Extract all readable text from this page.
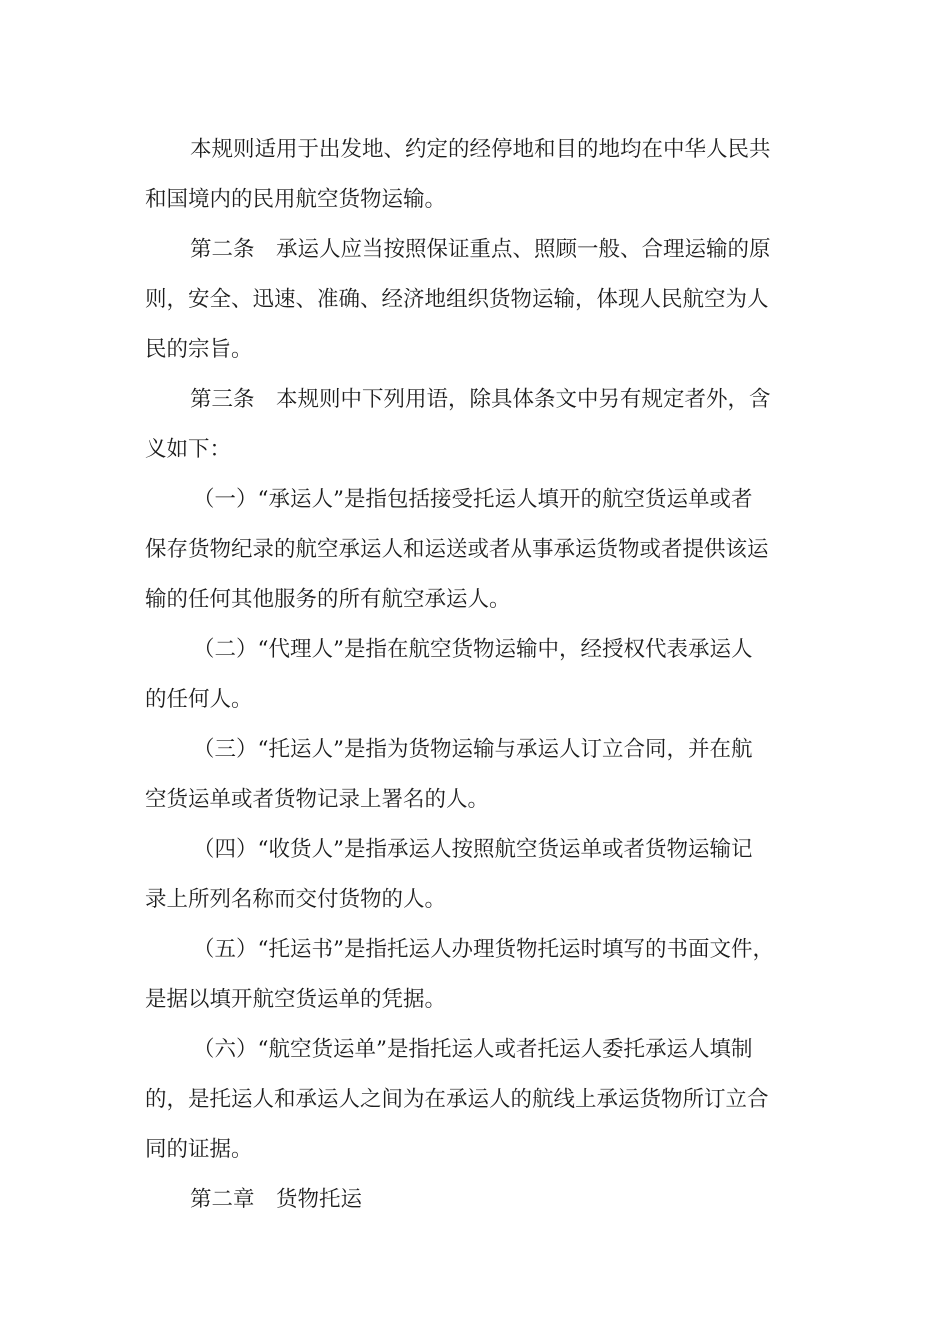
本规则适用于出发地、约定的经停地和目的地均在中华人民共
和国境内的民用航空货物运输。
第二条　承运人应当按照保证重点、照顾一般、合理运输的原
则，安全、迅速、准确、经济地组织货物运输，体现人民航空为人
民的宗旨。
第三条　本规则中下列用语，除具体条文中另有规定者外，含
义如下：
（一）“承运人”是指包括接受托运人填开的航空货运单或者
保存货物纪录的航空承运人和运送或者从事承运货物或者提供该运
输的任何其他服务的所有航空承运人。
（二）“代理人”是指在航空货物运输中，经授权代表承运人
的任何人。
（三）“托运人”是指为货物运输与承运人订立合同，并在航
空货运单或者货物记录上署名的人。
（四）“收货人”是指承运人按照航空货运单或者货物运输记
录上所列名称而交付货物的人。
（五）“托运书”是指托运人办理货物托运时填写的书面文件，
是据以填开航空货运单的凭据。
（六）“航空货运单”是指托运人或者托运人委托承运人填制
的，是托运人和承运人之间为在承运人的航线上承运货物所订立合
同的证据。
第二章　货物托运
